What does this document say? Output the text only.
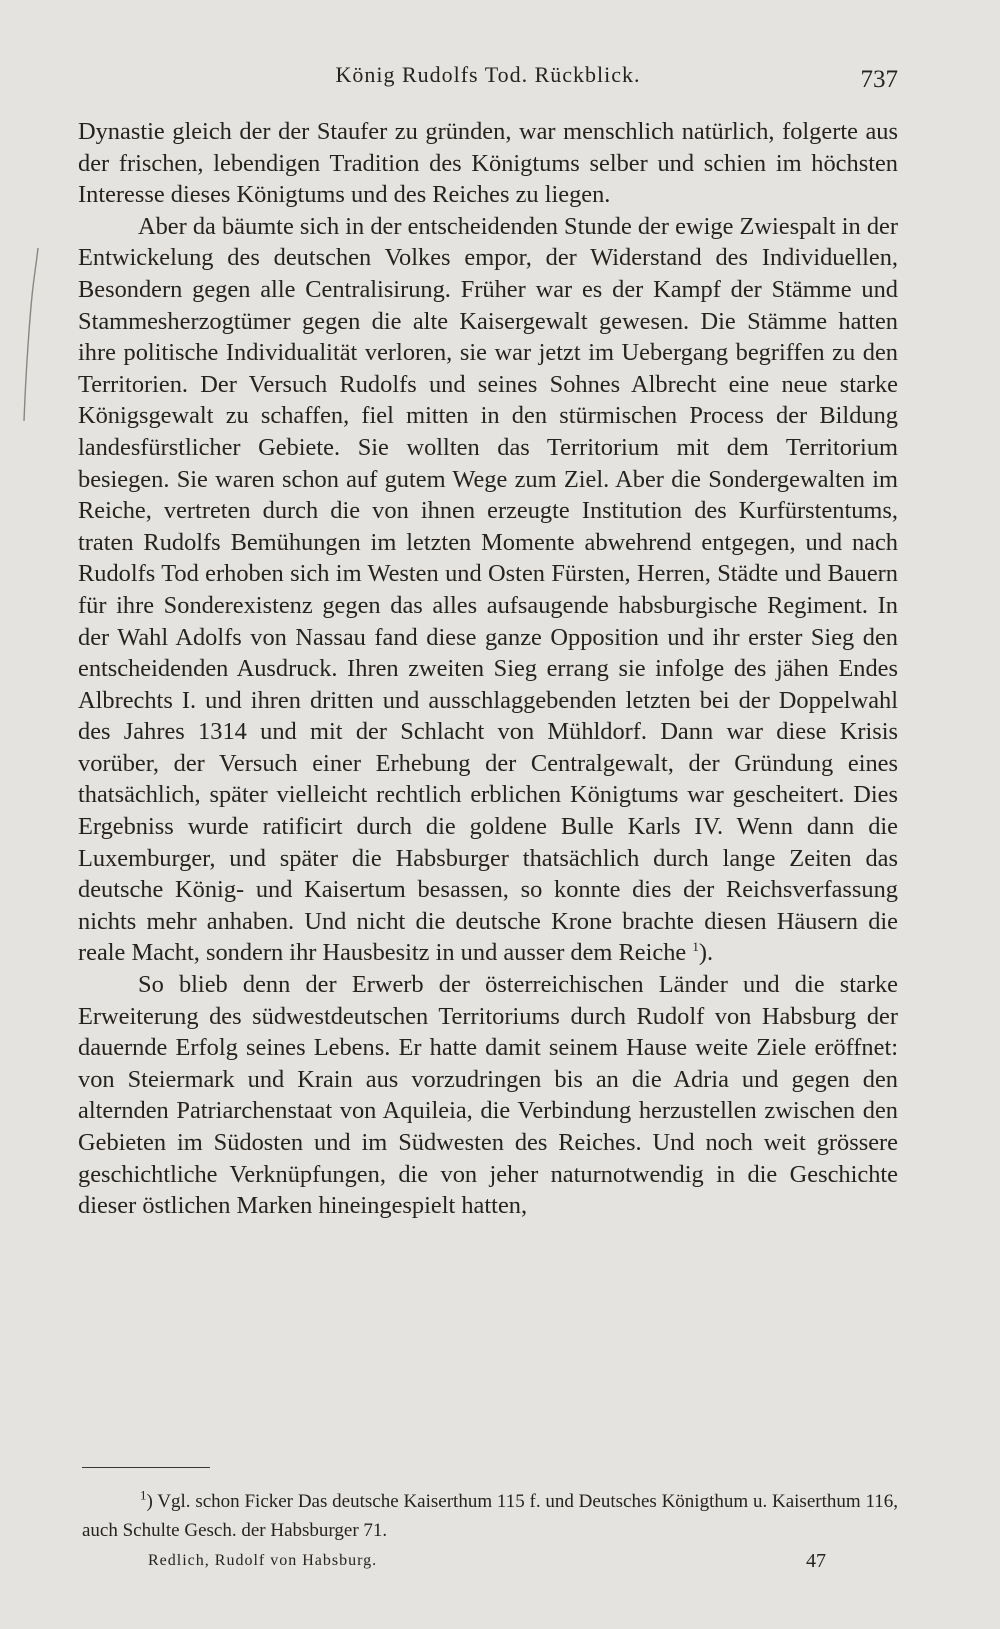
König Rudolfs Tod. Rückblick.	737

Dynastie gleich der der Staufer zu gründen, war menschlich natürlich, folgerte aus der frischen, lebendigen Tradition des Königtums selber und schien im höchsten Interesse dieses Königtums und des Reiches zu liegen.

Aber da bäumte sich in der entscheidenden Stunde der ewige Zwiespalt in der Entwickelung des deutschen Volkes empor, der Widerstand des Individuellen, Besondern gegen alle Centralisirung. Früher war es der Kampf der Stämme und Stammesherzogtümer gegen die alte Kaisergewalt gewesen. Die Stämme hatten ihre politische Individualität verloren, sie war jetzt im Uebergang begriffen zu den Territorien. Der Versuch Rudolfs und seines Sohnes Albrecht eine neue starke Königsgewalt zu schaffen, fiel mitten in den stürmischen Process der Bildung landesfürstlicher Gebiete. Sie wollten das Territorium mit dem Territorium besiegen. Sie waren schon auf gutem Wege zum Ziel. Aber die Sondergewalten im Reiche, vertreten durch die von ihnen erzeugte Institution des Kurfürstentums, traten Rudolfs Bemühungen im letzten Momente abwehrend entgegen, und nach Rudolfs Tod erhoben sich im Westen und Osten Fürsten, Herren, Städte und Bauern für ihre Sonderexistenz gegen das alles aufsaugende habsburgische Regiment. In der Wahl Adolfs von Nassau fand diese ganze Opposition und ihr erster Sieg den entscheidenden Ausdruck. Ihren zweiten Sieg errang sie infolge des jähen Endes Albrechts I. und ihren dritten und ausschlaggebenden letzten bei der Doppelwahl des Jahres 1314 und mit der Schlacht von Mühldorf. Dann war diese Krisis vorüber, der Versuch einer Erhebung der Centralgewalt, der Gründung eines thatsächlich, später vielleicht rechtlich erblichen Königtums war gescheitert. Dies Ergebniss wurde ratificirt durch die goldene Bulle Karls IV. Wenn dann die Luxemburger, und später die Habsburger thatsächlich durch lange Zeiten das deutsche König- und Kaisertum besassen, so konnte dies der Reichsverfassung nichts mehr anhaben. Und nicht die deutsche Krone brachte diesen Häusern die reale Macht, sondern ihr Hausbesitz in und ausser dem Reiche $^1$).

So blieb denn der Erwerb der österreichischen Länder und die starke Erweiterung des südwestdeutschen Territoriums durch Rudolf von Habsburg der dauernde Erfolg seines Lebens. Er hatte damit seinem Hause weite Ziele eröffnet: von Steiermark und Krain aus vorzudringen bis an die Adria und gegen den alternden Patriarchenstaat von Aquileia, die Verbindung herzustellen zwischen den Gebieten im Südosten und im Südwesten des Reiches. Und noch weit grössere geschichtliche Verknüpfungen, die von jeher naturnotwendig in die Geschichte dieser östlichen Marken hineingespielt hatten,

$^1$) Vgl. schon Ficker Das deutsche Kaiserthum 115 f. und Deutsches Königthum u. Kaiserthum 116, auch Schulte Gesch. der Habsburger 71.
Redlich, Rudolf von Habsburg.	47
